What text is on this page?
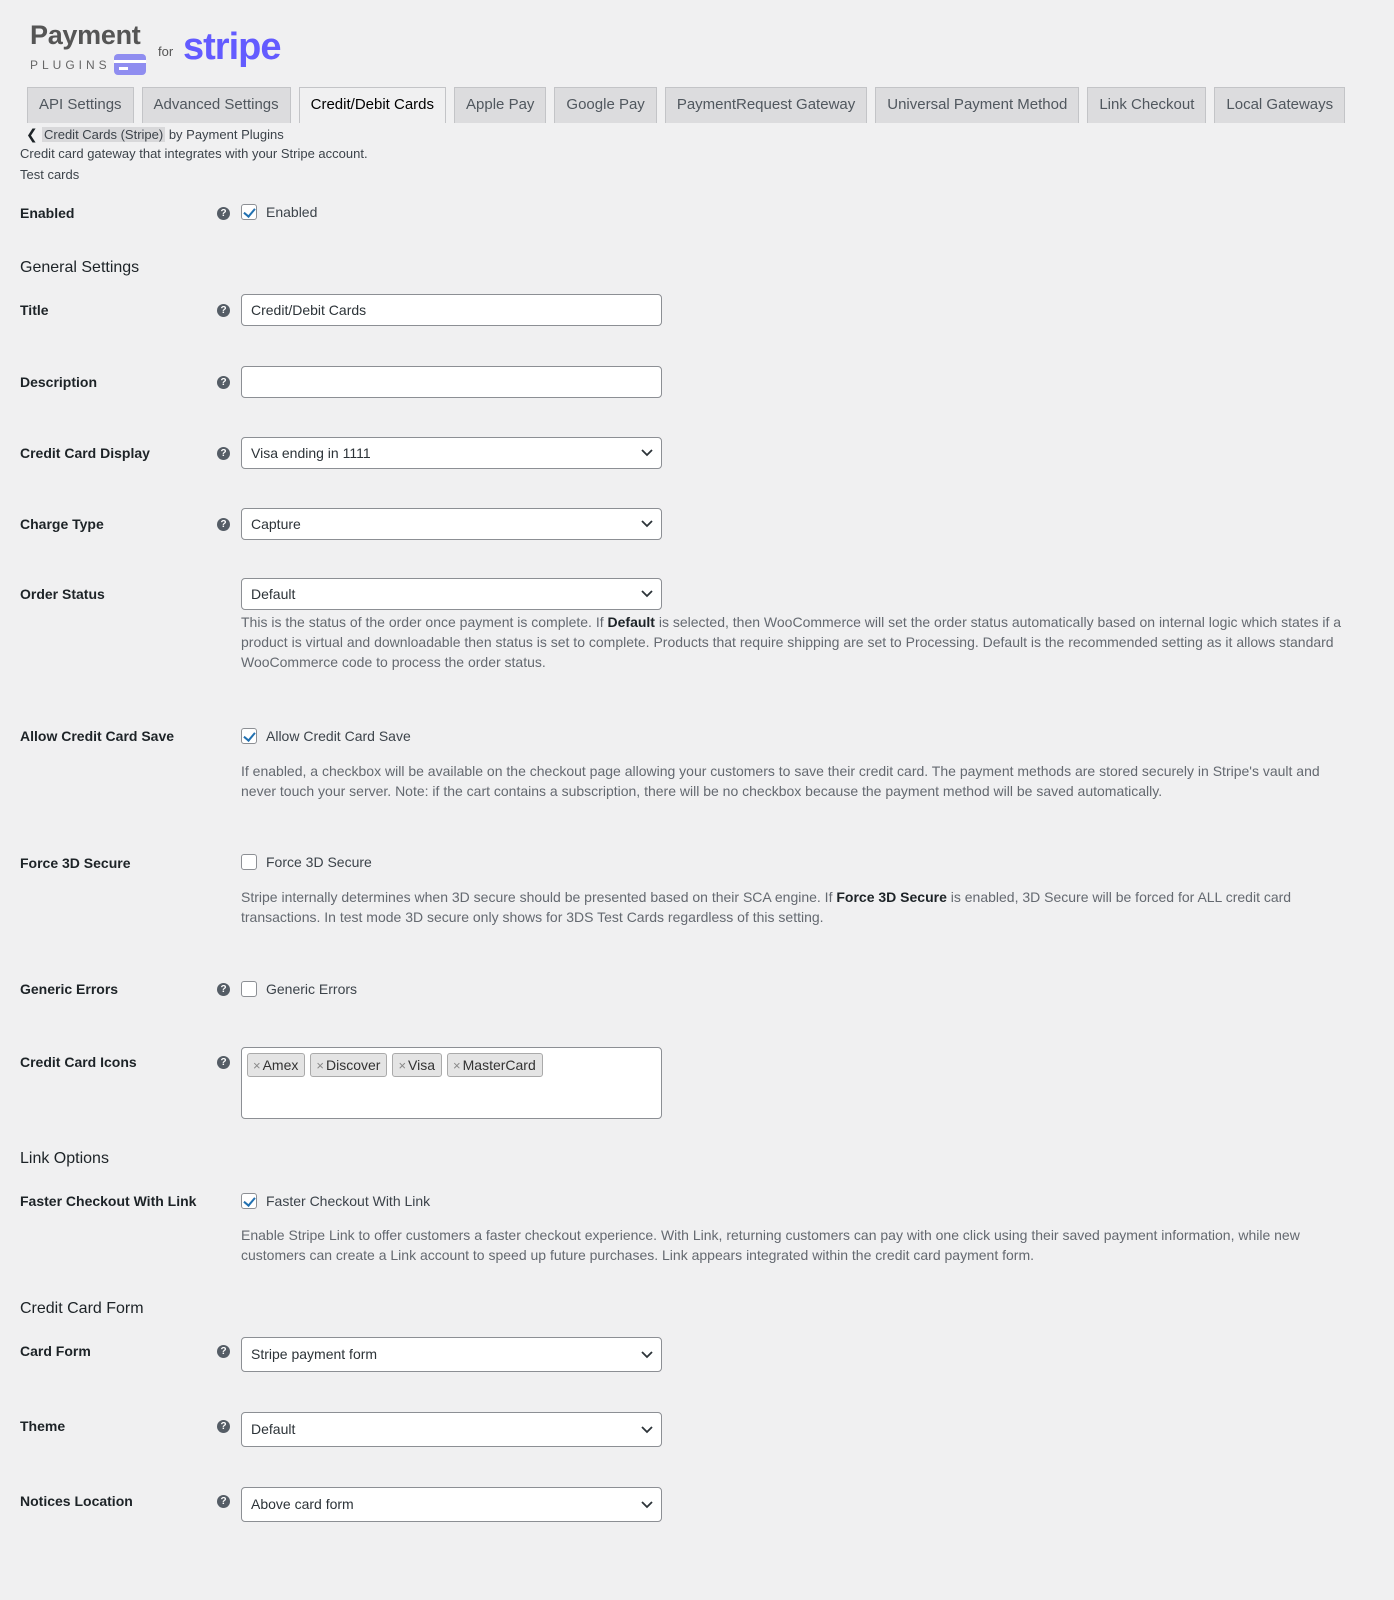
Payment
PLUGINS
for stripe
API Settings	Advanced Settings	Credit/Debit Cards	Apple Pay	Google Pay	PaymentRequest Gateway	Universal Payment Method	Link Checkout	Local Gateways
❮ Credit Cards (Stripe) by Payment Plugins
Credit card gateway that integrates with your Stripe account.
Test cards
Enabled	?	Enabled
General Settings
Title	?	Credit/Debit Cards
Description	?
Credit Card Display	?	Visa ending in 1111
Charge Type	?	Capture
Order Status	Default
This is the status of the order once payment is complete. If Default is selected, then WooCommerce will set the order status automatically based on internal logic which states if a product is virtual and downloadable then status is set to complete. Products that require shipping are set to Processing. Default is the recommended setting as it allows standard WooCommerce code to process the order status.
Allow Credit Card Save	Allow Credit Card Save
If enabled, a checkbox will be available on the checkout page allowing your customers to save their credit card. The payment methods are stored securely in Stripe's vault and never touch your server. Note: if the cart contains a subscription, there will be no checkbox because the payment method will be saved automatically.
Force 3D Secure	Force 3D Secure
Stripe internally determines when 3D secure should be presented based on their SCA engine. If Force 3D Secure is enabled, 3D Secure will be forced for ALL credit card transactions. In test mode 3D secure only shows for 3DS Test Cards regardless of this setting.
Generic Errors	?	Generic Errors
Credit Card Icons	?	× Amex	× Discover	× Visa	× MasterCard
Link Options
Faster Checkout With Link	Faster Checkout With Link
Enable Stripe Link to offer customers a faster checkout experience. With Link, returning customers can pay with one click using their saved payment information, while new customers can create a Link account to speed up future purchases. Link appears integrated within the credit card payment form.
Credit Card Form
Card Form	?	Stripe payment form
Theme	?	Default
Notices Location	?	Above card form
